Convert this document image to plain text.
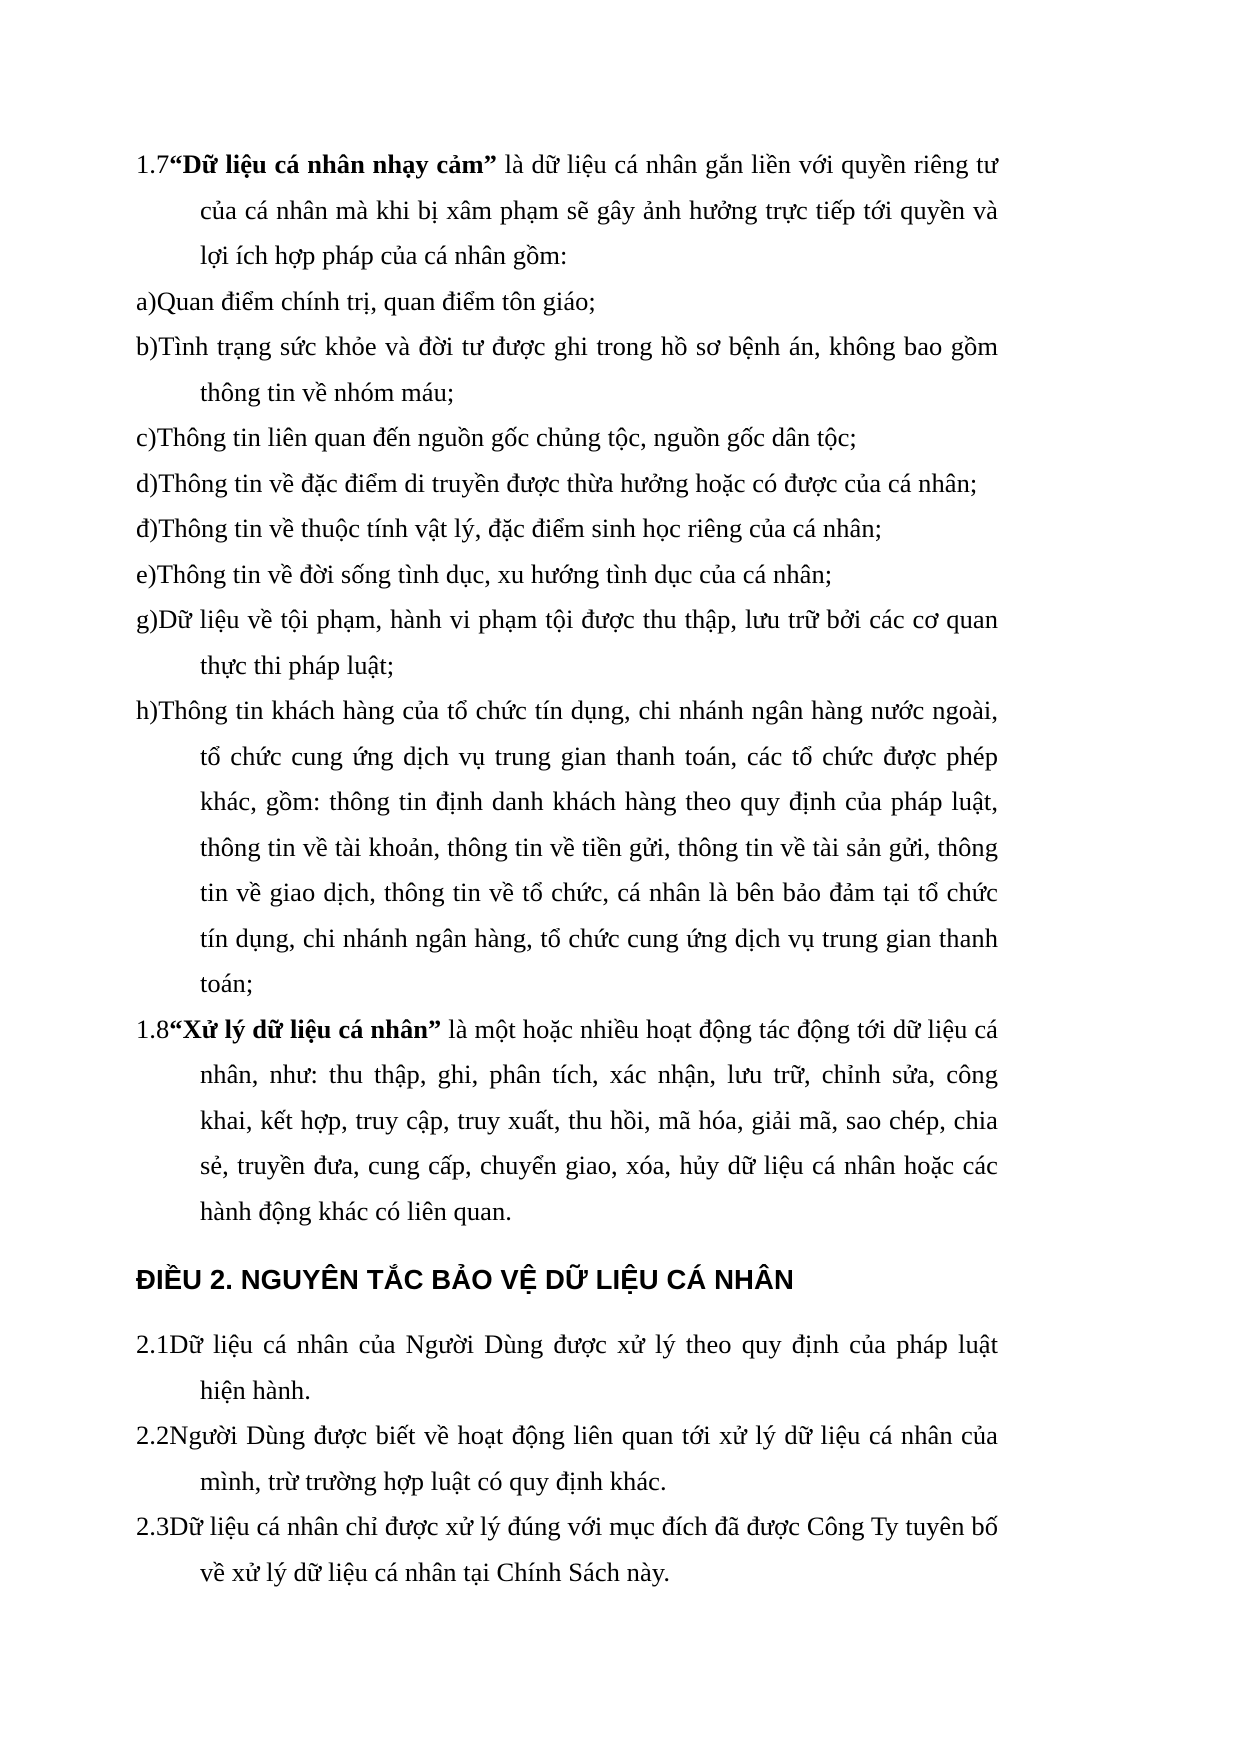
1.7“Dữ liệu cá nhân nhạy cảm” là dữ liệu cá nhân gắn liền với quyền riêng tư của cá nhân mà khi bị xâm phạm sẽ gây ảnh hưởng trực tiếp tới quyền và lợi ích hợp pháp của cá nhân gồm:

a)Quan điểm chính trị, quan điểm tôn giáo;

b)Tình trạng sức khỏe và đời tư được ghi trong hồ sơ bệnh án, không bao gồm thông tin về nhóm máu;

c)Thông tin liên quan đến nguồn gốc chủng tộc, nguồn gốc dân tộc;

d)Thông tin về đặc điểm di truyền được thừa hưởng hoặc có được của cá nhân;

đ)Thông tin về thuộc tính vật lý, đặc điểm sinh học riêng của cá nhân;

e)Thông tin về đời sống tình dục, xu hướng tình dục của cá nhân;

g)Dữ liệu về tội phạm, hành vi phạm tội được thu thập, lưu trữ bởi các cơ quan thực thi pháp luật;

h)Thông tin khách hàng của tổ chức tín dụng, chi nhánh ngân hàng nước ngoài, tổ chức cung ứng dịch vụ trung gian thanh toán, các tổ chức được phép khác, gồm: thông tin định danh khách hàng theo quy định của pháp luật, thông tin về tài khoản, thông tin về tiền gửi, thông tin về tài sản gửi, thông tin về giao dịch, thông tin về tổ chức, cá nhân là bên bảo đảm tại tổ chức tín dụng, chi nhánh ngân hàng, tổ chức cung ứng dịch vụ trung gian thanh toán;

1.8“Xử lý dữ liệu cá nhân” là một hoặc nhiều hoạt động tác động tới dữ liệu cá nhân, như: thu thập, ghi, phân tích, xác nhận, lưu trữ, chỉnh sửa, công khai, kết hợp, truy cập, truy xuất, thu hồi, mã hóa, giải mã, sao chép, chia sẻ, truyền đưa, cung cấp, chuyển giao, xóa, hủy dữ liệu cá nhân hoặc các hành động khác có liên quan.

ĐIỀU 2. NGUYÊN TẮC BẢO VỆ DỮ LIỆU CÁ NHÂN

2.1Dữ liệu cá nhân của Người Dùng được xử lý theo quy định của pháp luật hiện hành.

2.2Người Dùng được biết về hoạt động liên quan tới xử lý dữ liệu cá nhân của mình, trừ trường hợp luật có quy định khác.

2.3Dữ liệu cá nhân chỉ được xử lý đúng với mục đích đã được Công Ty tuyên bố về xử lý dữ liệu cá nhân tại Chính Sách này.
